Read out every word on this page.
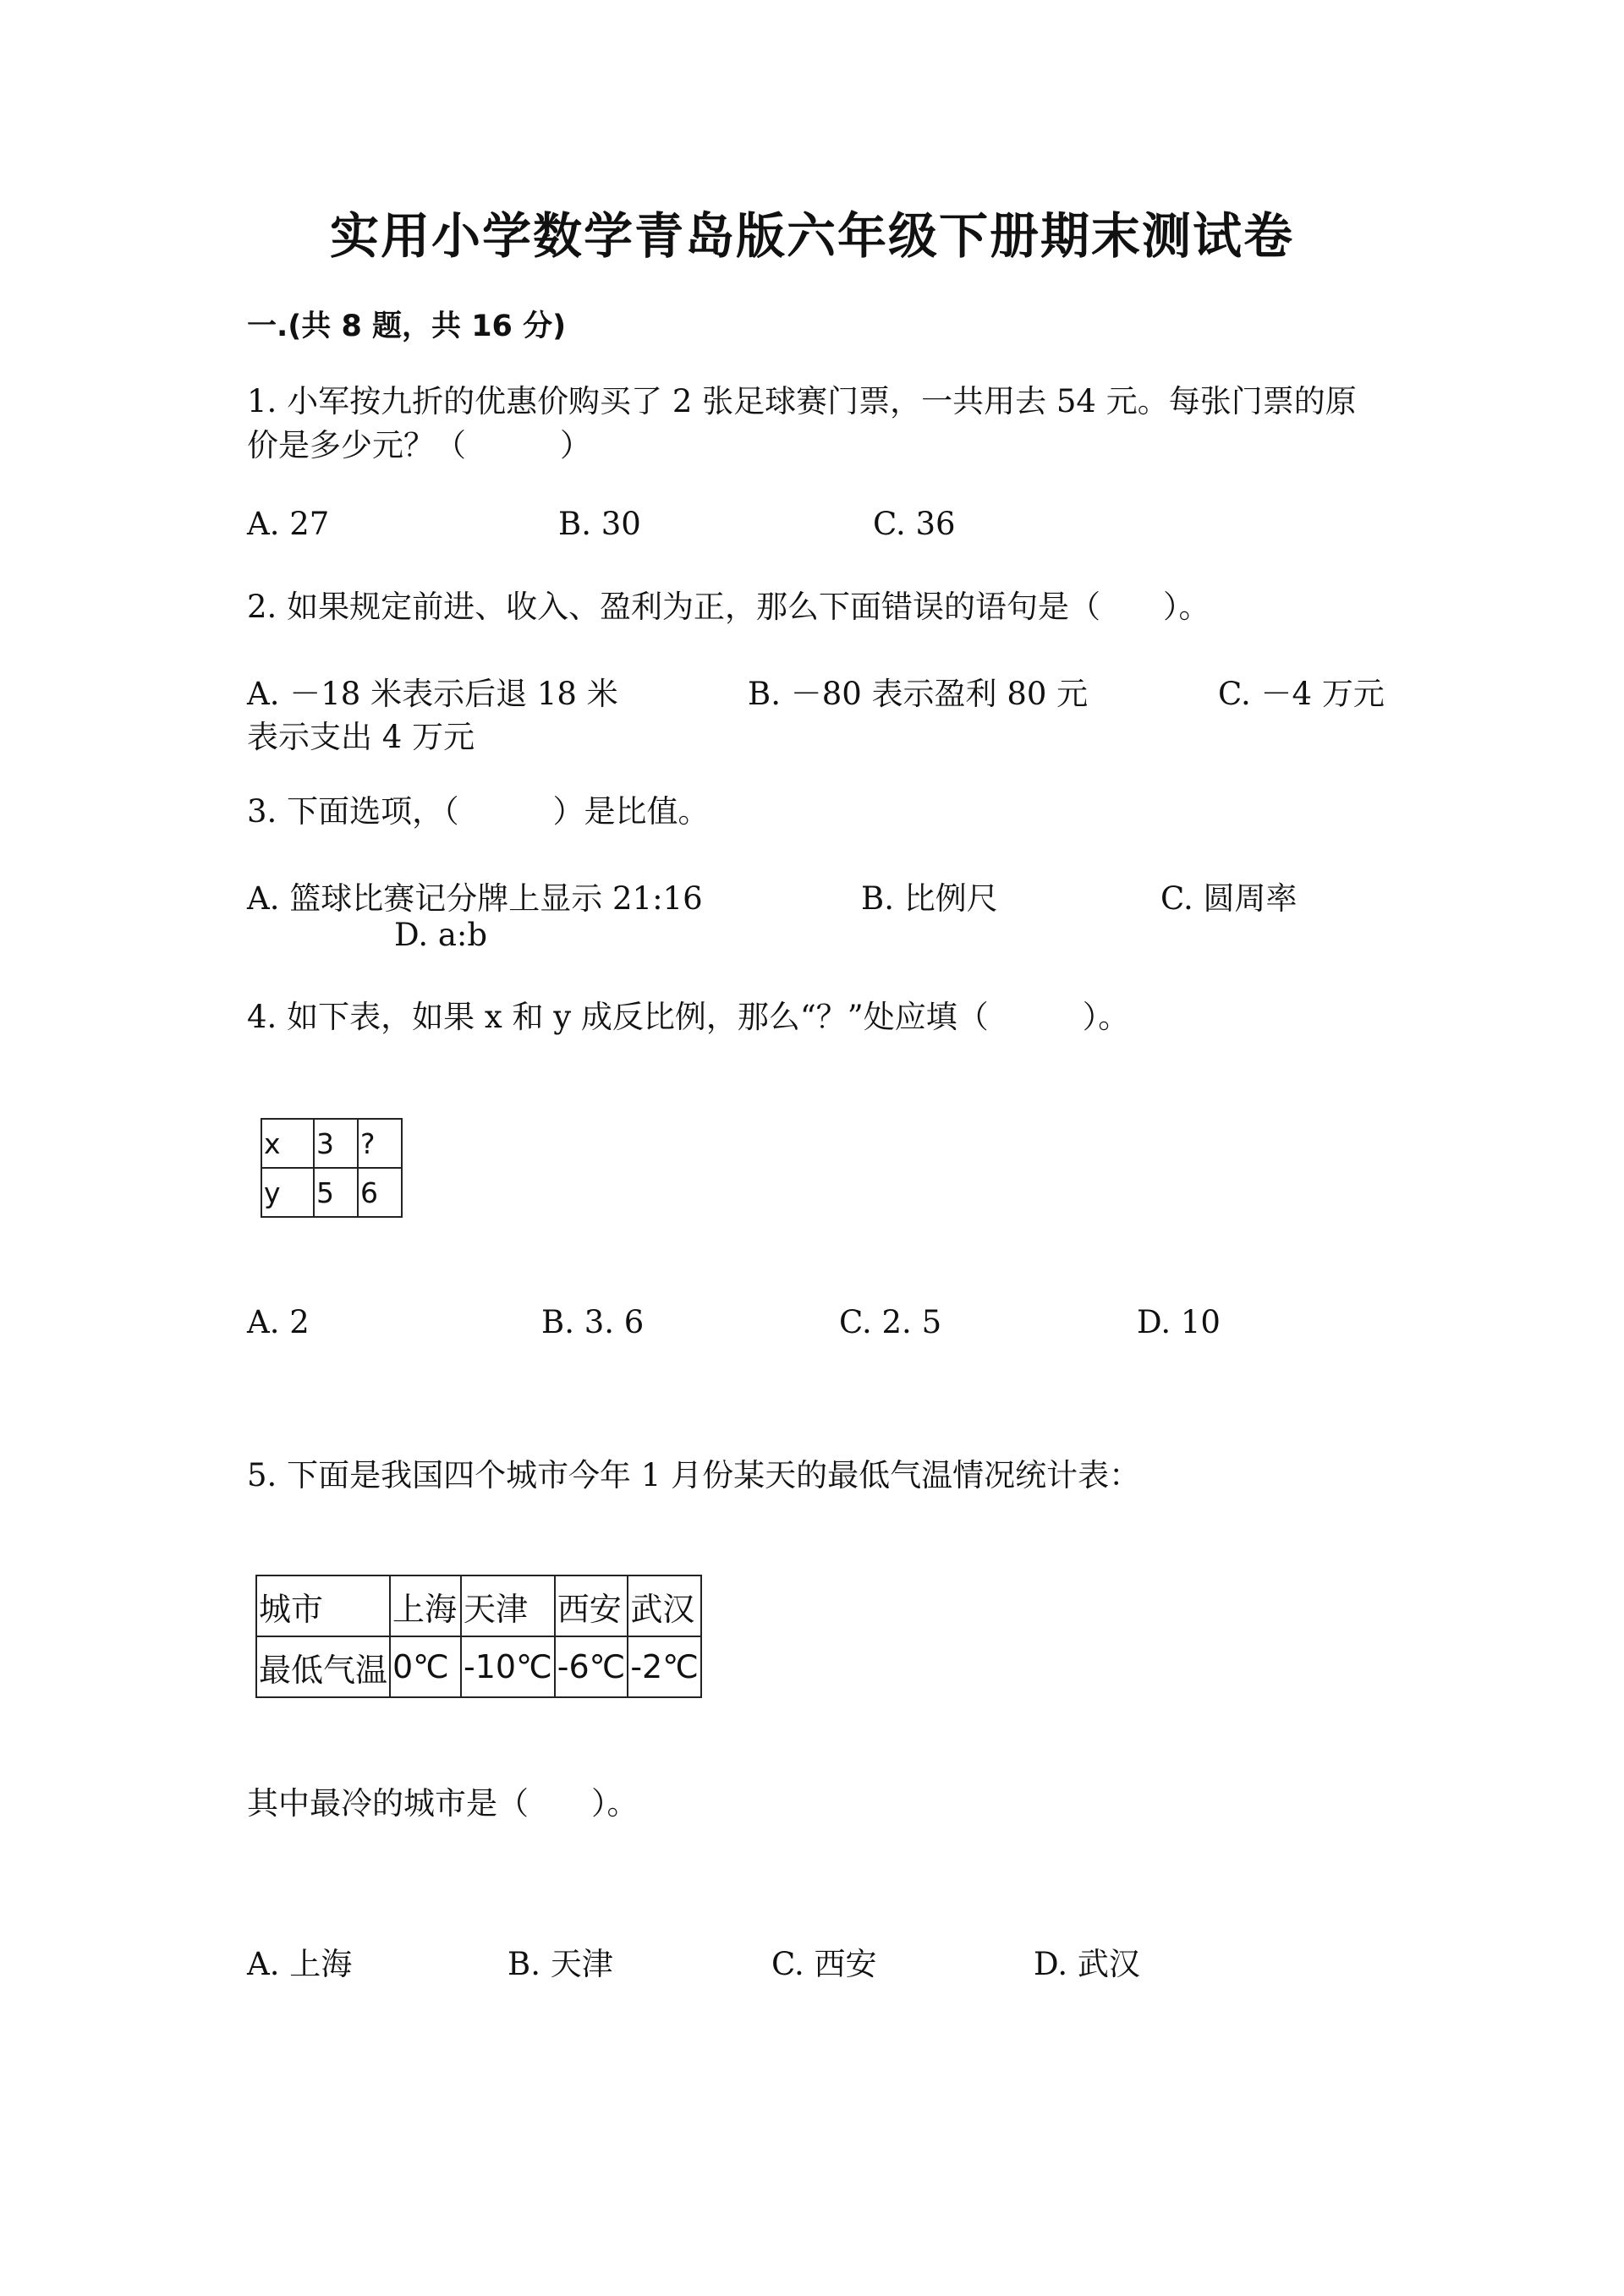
实用小学数学青岛版六年级下册期末测试卷
一.(共 8 题，共 16 分)
1. 小军按九折的优惠价购买了 2 张足球赛门票，一共用去 54 元。每张门票的原
价是多少元？（　　　）
A. 27	B. 30	C. 36
2. 如果规定前进、收入、盈利为正，那么下面错误的语句是（　　）。
A. －18 米表示后退 18 米	B. －80 表示盈利 80 元	C. －4 万元
表示支出 4 万元
3. 下面选项，（　　　）是比值。
A. 篮球比赛记分牌上显示 21:16	B. 比例尺	C. 圆周率
D. a:b
4. 如下表，如果 x 和 y 成反比例，那么“？”处应填（　　　）。
x	3	?
y	5	6
A. 2	B. 3. 6	C. 2. 5	D. 10
5. 下面是我国四个城市今年 1 月份某天的最低气温情况统计表：
城市	上海	天津	西安	武汉
最低气温	0℃	-10℃	-6℃	-2℃
其中最冷的城市是（　　）。
A. 上海	B. 天津	C. 西安	D. 武汉
